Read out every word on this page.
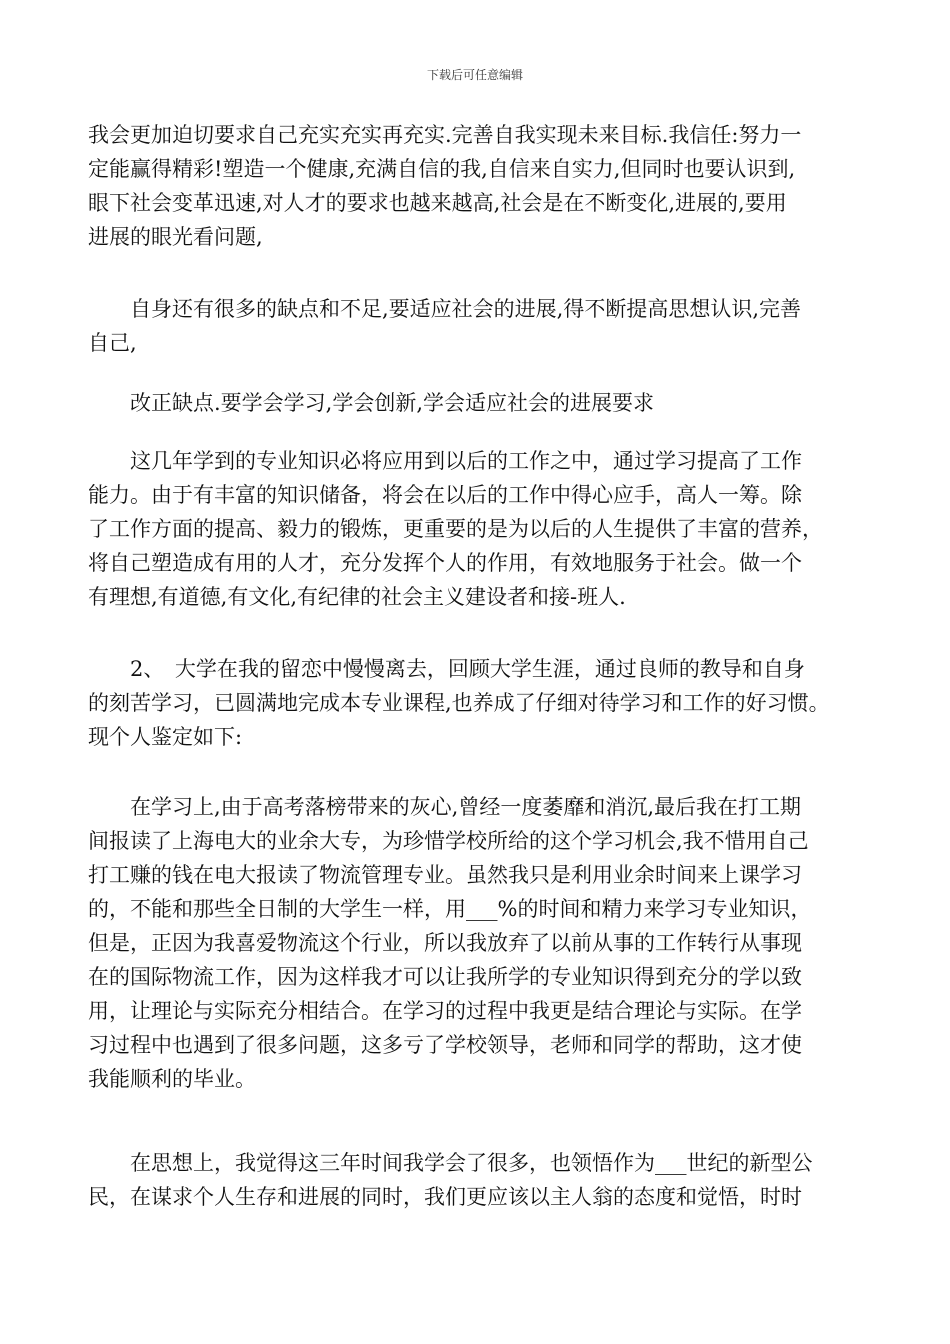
下载后可任意编辑
我会更加迫切要求自己充实充实再充实.完善自我实现未来目标.我信任:努力一
定能赢得精彩!塑造一个健康,充满自信的我,自信来自实力,但同时也要认识到,
眼下社会变革迅速,对人才的要求也越来越高,社会是在不断变化,进展的,要用
进展的眼光看问题,
　　自身还有很多的缺点和不足,要适应社会的进展,得不断提高思想认识,完善
自己,
　　改正缺点.要学会学习,学会创新,学会适应社会的进展要求
　　这几年学到的专业知识必将应用到以后的工作之中，通过学习提高了工作
能力。由于有丰富的知识储备，将会在以后的工作中得心应手，高人一筹。除
了工作方面的提高、毅力的锻炼，更重要的是为以后的人生提供了丰富的营养，
将自己塑造成有用的人才，充分发挥个人的作用，有效地服务于社会。做一个
有理想,有道德,有文化,有纪律的社会主义建设者和接-班人.
　　2、　大学在我的留恋中慢慢离去，回顾大学生涯，通过良师的教导和自身
的刻苦学习，已圆满地完成本专业课程,也养成了仔细对待学习和工作的好习惯。
现个人鉴定如下:
　　在学习上,由于高考落榜带来的灰心,曾经一度萎靡和消沉,最后我在打工期
间报读了上海电大的业余大专，为珍惜学校所给的这个学习机会,我不惜用自己
打工赚的钱在电大报读了物流管理专业。虽然我只是利用业余时间来上课学习
的，不能和那些全日制的大学生一样，用___%的时间和精力来学习专业知识，
但是，正因为我喜爱物流这个行业，所以我放弃了以前从事的工作转行从事现
在的国际物流工作，因为这样我才可以让我所学的专业知识得到充分的学以致
用，让理论与实际充分相结合。在学习的过程中我更是结合理论与实际。在学
习过程中也遇到了很多问题，这多亏了学校领导，老师和同学的帮助，这才使
我能顺利的毕业。
　　在思想上，我觉得这三年时间我学会了很多，也领悟作为___世纪的新型公
民，在谋求个人生存和进展的同时，我们更应该以主人翁的态度和觉悟，时时
